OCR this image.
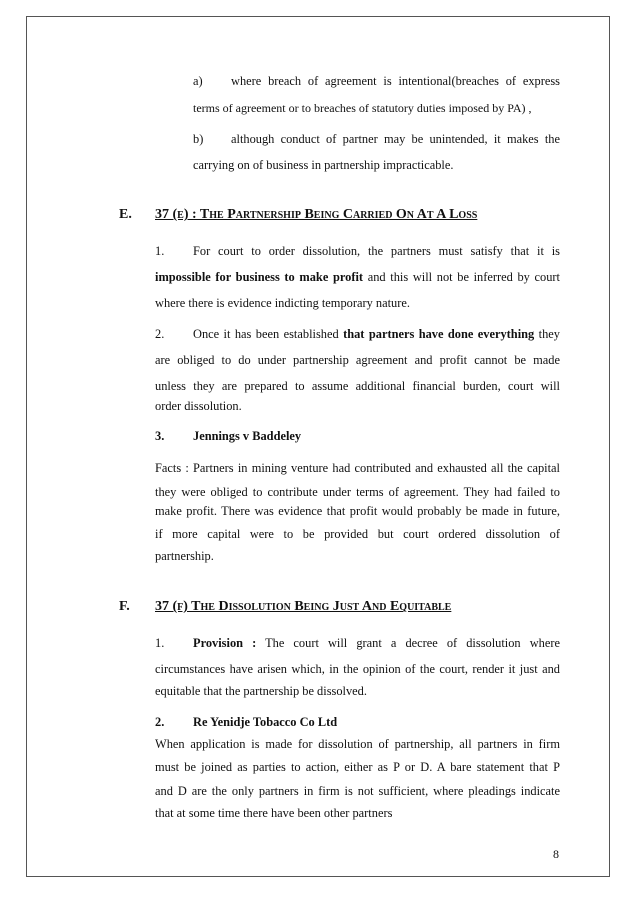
a) where breach of agreement is intentional(breaches of express
terms of agreement or to breaches of statutory duties imposed by PA) ,
b) although conduct of partner may be unintended, it makes the
carrying on of business in partnership impracticable.
E. 37 (e) : The Partnership Being Carried On At A Loss
1. For court to order dissolution, the partners must satisfy that it is
impossible for business to make profit and this will not be inferred by court
where there is evidence indicting temporary nature.
2. Once it has been established that partners have done everything they
are obliged to do under partnership agreement and profit cannot be made
unless they are prepared to assume additional financial burden, court will
order dissolution.
3. Jennings v Baddeley
Facts : Partners in mining venture had contributed and exhausted all the capital
they were obliged to contribute under terms of agreement. They had failed to
make profit. There was evidence that profit would probably be made in future,
if more capital were to be provided but court ordered dissolution of
partnership.
F. 37 (f) The Dissolution Being Just And Equitable
1. Provision : The court will grant a decree of dissolution where
circumstances have arisen which, in the opinion of the court, render it just and
equitable that the partnership be dissolved.
2. Re Yenidje Tobacco Co Ltd
When application is made for dissolution of partnership, all partners in firm
must be joined as parties to action, either as P or D. A bare statement that P
and D are the only partners in firm is not sufficient, where pleadings indicate
that at some time there have been other partners
8
